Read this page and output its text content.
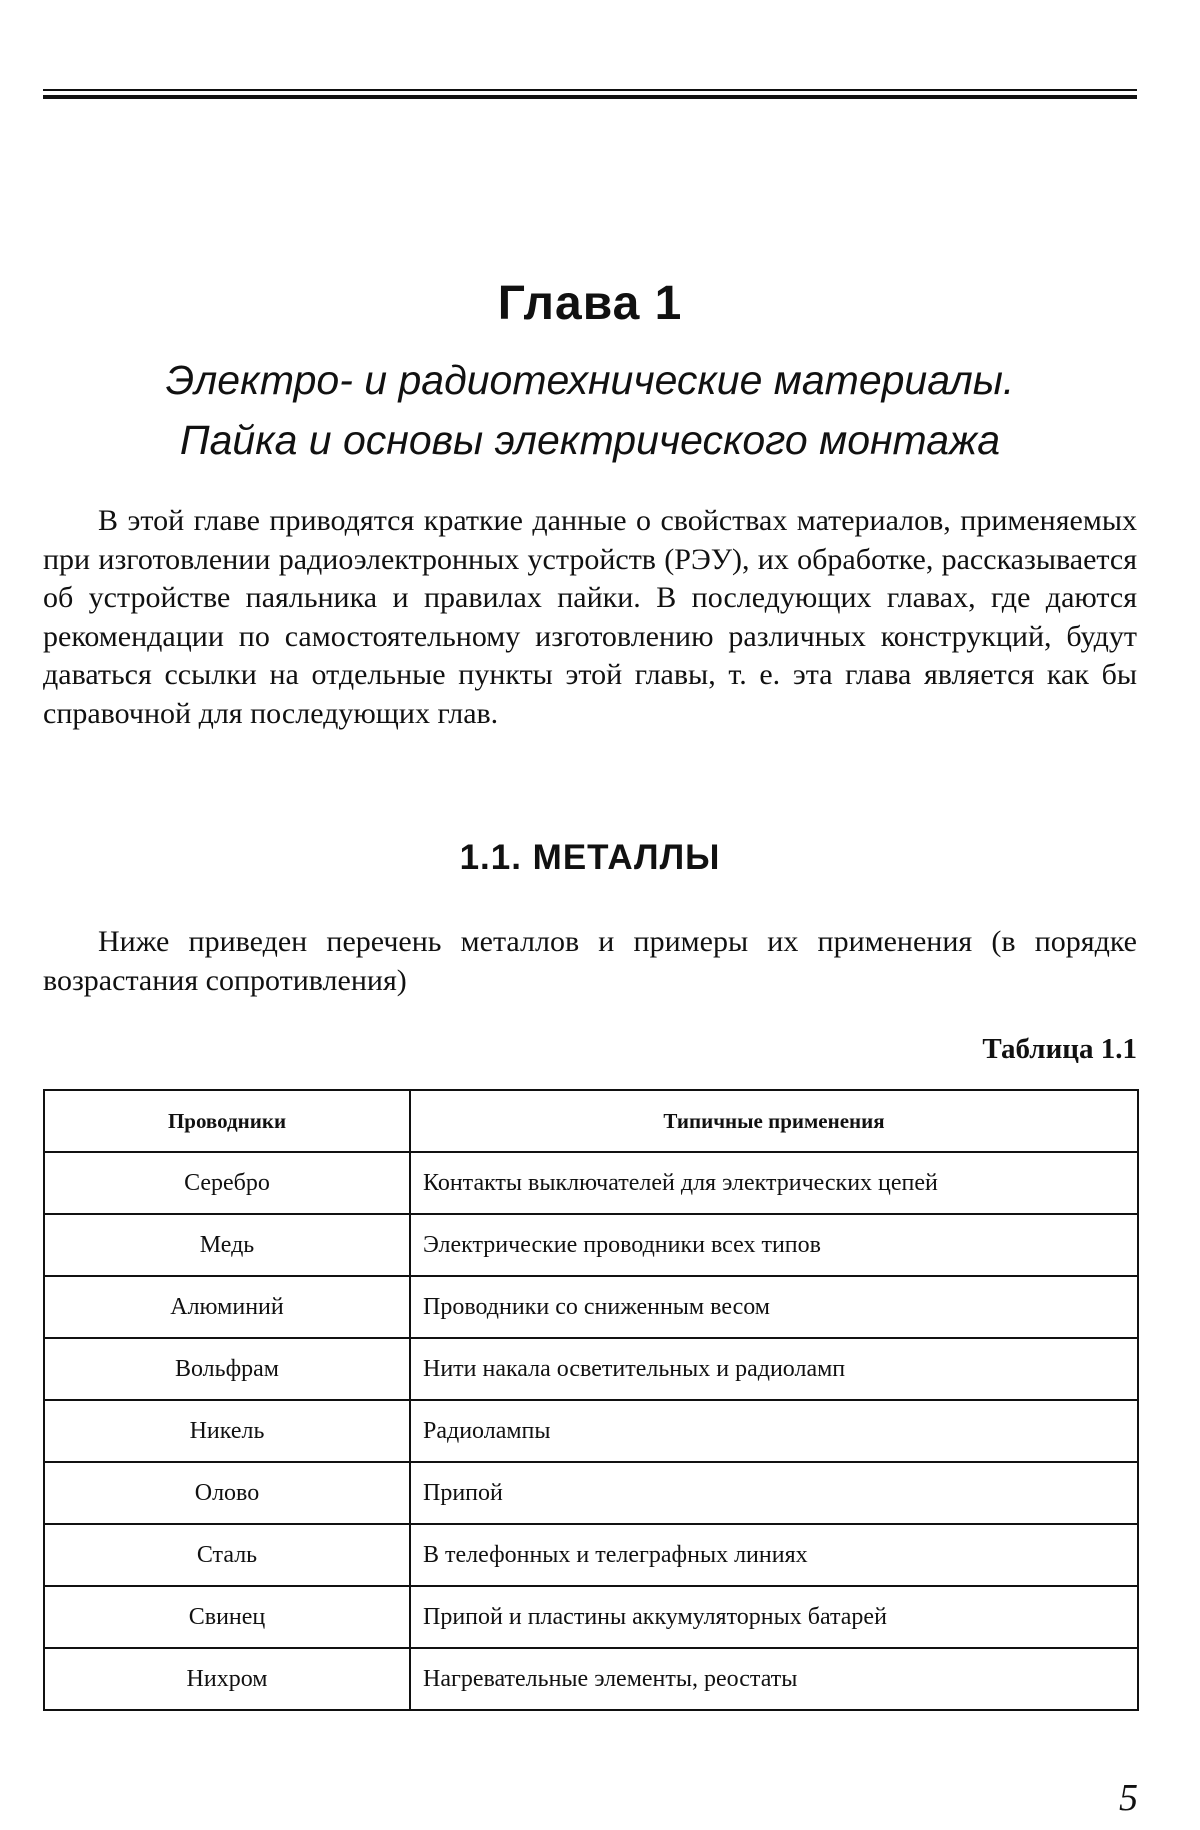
Глава 1
Электро- и радиотехнические материалы.
Пайка и основы электрического монтажа
В этой главе приводятся краткие данные о свойствах материалов, применяемых при изготовлении радиоэлектронных устройств (РЭУ), их обработке, рассказывается об устройстве паяльника и правилах пайки. В последующих главах, где даются рекомендации по самостоятельному изготовлению различных конструкций, будут даваться ссылки на отдельные пункты этой главы, т. е. эта глава является как бы справочной для последующих глав.
1.1. МЕТАЛЛЫ
Ниже приведен перечень металлов и примеры их применения (в порядке возрастания сопротивления)
Таблица 1.1
Проводники	Типичные применения
Серебро	Контакты выключателей для электрических цепей
Медь	Электрические проводники всех типов
Алюминий	Проводники со сниженным весом
Вольфрам	Нити накала осветительных и радиоламп
Никель	Радиолампы
Олово	Припой
Сталь	В телефонных и телеграфных линиях
Свинец	Припой и пластины аккумуляторных батарей
Нихром	Нагревательные элементы, реостаты
5
